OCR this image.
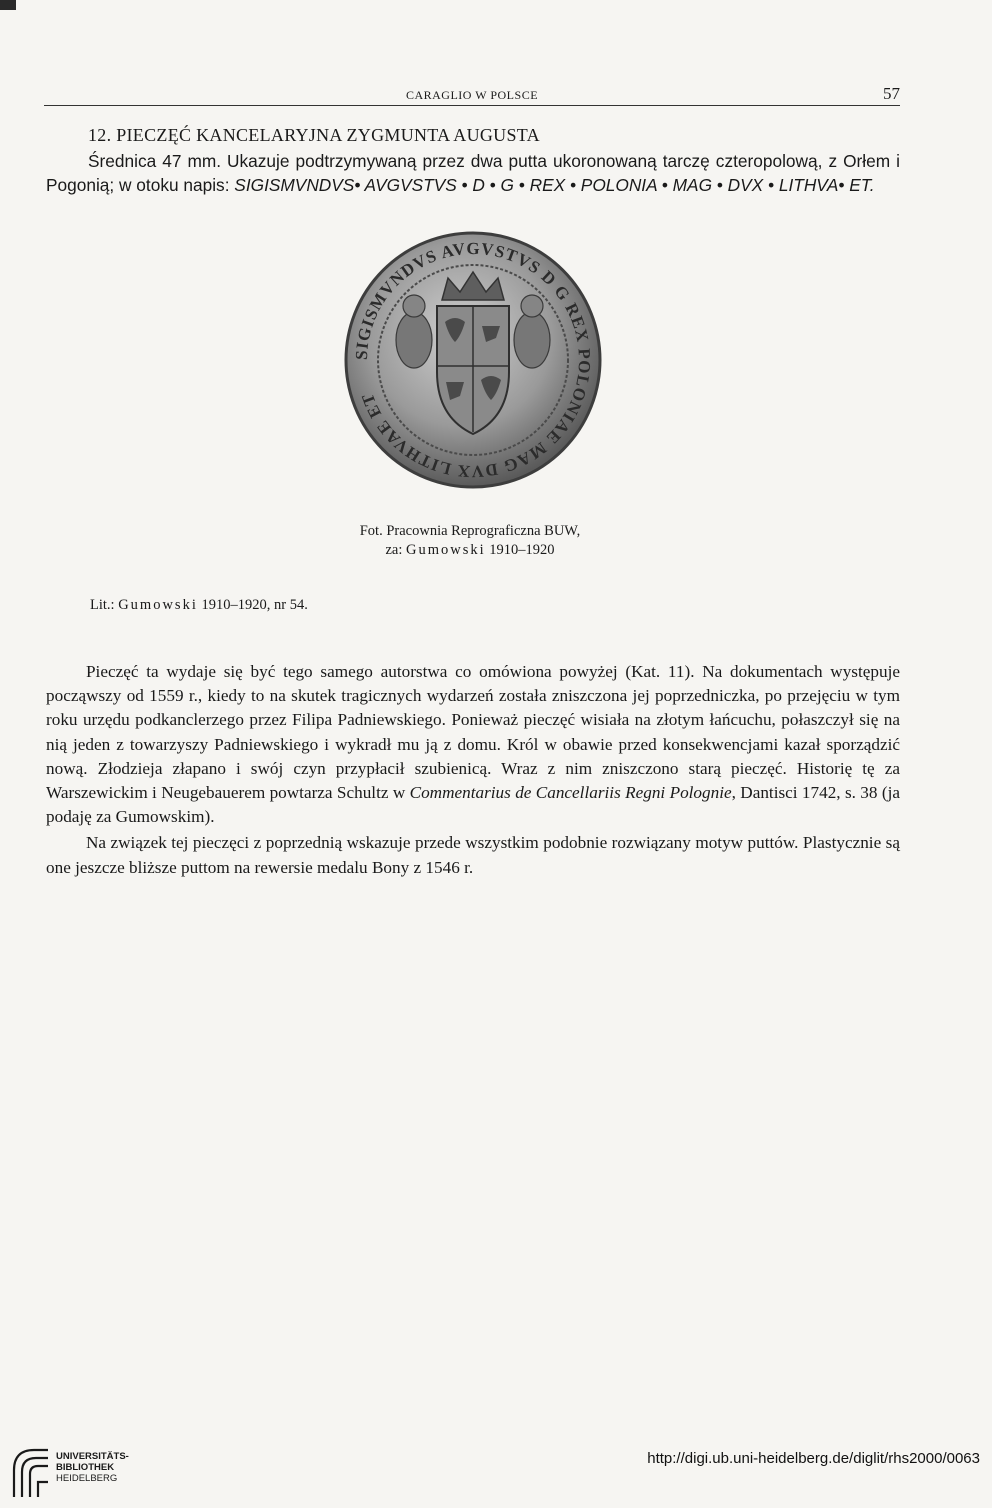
CARAGLIO W POLSCE	57
12. PIECZĘĆ KANCELARYJNA ZYGMUNTA AUGUSTA

Średnica 47 mm. Ukazuje podtrzymywaną przez dwa putta ukoronowaną tarczę czteropolową, z Orłem i Pogonią; w otoku napis: SIGISMVNDVS• AVGVSTVS • D • G • REX • POLONIA • MAG • DVX • LITHVA• ET.

SIGISMVNDVS AVGVSTVS D G REX POLONIAE MAG DVX LITHVAE ET
Fot. Pracownia Reprograficzna BUW,
za: Gumowski 1910–1920
Lit.: Gumowski 1910–1920, nr 54.

Pieczęć ta wydaje się być tego samego autorstwa co omówiona powyżej (Kat. 11). Na dokumentach występuje począwszy od 1559 r., kiedy to na skutek tragicznych wydarzeń została zniszczona jej poprzedniczka, po przejęciu w tym roku urzędu podkanclerzego przez Filipa Padniewskiego. Ponieważ pieczęć wisiała na złotym łańcuchu, połaszczył się na nią jeden z towarzyszy Padniewskiego i wykradł mu ją z domu. Król w obawie przed konsekwencjami kazał sporządzić nową. Złodzieja złapano i swój czyn przypłacił szubienicą. Wraz z nim zniszczono starą pieczęć. Historię tę za Warszewickim i Neugebauerem powtarza Schultz w Commentarius de Cancellariis Regni Polognie, Dantisci 1742, s. 38 (ja podaję za Gumowskim).

Na związek tej pieczęci z poprzednią wskazuje przede wszystkim podobnie rozwiązany motyw puttów. Plastycznie są one jeszcze bliższe puttom na rewersie medalu Bony z 1546 r.

UNIVERSITÄTS-
BIBLIOTHEK
HEIDELBERG
http://digi.ub.uni-heidelberg.de/diglit/rhs2000/0063
